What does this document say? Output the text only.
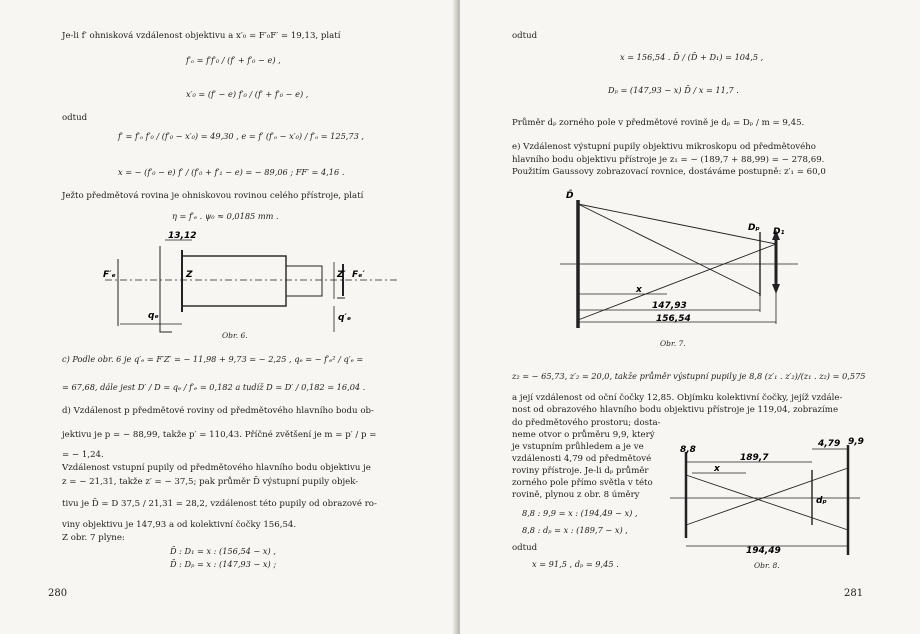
Je-li f′ ohnisková vzdálenost objektivu a x′₀ = F′₀F′ = 19,13, platí
f′ₒ = f′f′₀ / (f′ + f′₀ − e) ,
x′₀ = (f′ − e) f′₀ / (f′ + f′₀ − e) ,
odtud
f′ = f′ₒ f′₀ / (f′₀ − x′₀) = 49,30 , e = f′ (f′ₒ − x′₀) / f′ₒ = 125,73 ,
x = − (f′₀ − e) f′ / (f′₀ + f′₁ − e) = − 89,06 ; FF′ = 4,16 .
Ježto předmětová rovina je ohniskovou rovinou celého přístroje, platí
η = f′ₑ . ψ₀ ≈ 0,0185 mm .
13,12
F′ₑ	Z	Z′ Fₑ′
qₑ	q′ₑ
Obr. 6.
c) Podle obr. 6 je q′ₑ = F′Z′ = − 11,98 + 9,73 = − 2,25 , qₑ = − f′ₑ² / q′ₑ =
= 67,68, dále jest D′ / D = qₑ / f′ₑ = 0,182 a tudíž D = D′ / 0,182 = 16,04 .
d) Vzdálenost p předmětové roviny od předmětového hlavního bodu ob-
jektivu je p = − 88,99, takže p′ = 110,43. Příčné zvětšení je m = p′ / p =
= − 1,24.
Vzdálenost vstupní pupily od předmětového hlavního bodu objektivu je
z = − 21,31, takže z′ = − 37,5; pak průměr D̄ výstupní pupily objek-
tivu je D̄ = D 37,5 / 21,31 = 28,2, vzdálenost této pupily od obrazové ro-
viny objektivu je 147,93 a od kolektivní čočky 156,54.
Z obr. 7 plyne:
D̄ : D₁ = x : (156,54 − x) ,
D̄ : Dₚ = x : (147,93 − x) ;
280
odtud
x = 156,54 . D̄ / (D̄ + D₁) = 104,5 ,
Dₚ = (147,93 − x) D̄ / x = 11,7 .
Průměr dₚ zorného pole v předmětové rovině je dₚ = Dₚ / m = 9,45.
e) Vzdálenost výstupní pupily objektivu mikroskopu od předmětového
hlavního bodu objektivu přístroje je z₁ = − (189,7 + 88,99) = − 278,69.
Použitím Gaussovy zobrazovací rovnice, dostáváme postupně: z′₁ = 60,0
D̄
Dₚ D₁
x
147,93
156,54
Obr. 7.
z₂ = − 65,73, z′₂ = 20,0, takže průměr výstupní pupily je 8,8 (z′₁ . z′₂)/(z₁ . z₂) = 0,575
a její vzdálenost od oční čočky 12,85. Objímku kolektivní čočky, jejíž vzdále-
nost od obrazového hlavního bodu objektivu přístroje je 119,04, zobrazíme
do předmětového prostoru; dosta-
neme otvor o průměru 9,9, který
je vstupním průhledem a je ve
vzdálenosti 4,79 od předmětové
roviny přístroje. Je-li dₚ průměr
zorného pole přímo světla v této
rovině, plynou z obr. 8 úměry
8,8 : 9,9 = x : (194,49 − x) ,
8,8 : dₚ = x : (189,7 − x) ,
odtud
x = 91,5 , dₚ = 9,45 .
8,8
189,7
4,79 9,9
x
dₚ
194,49
Obr. 8.
281
